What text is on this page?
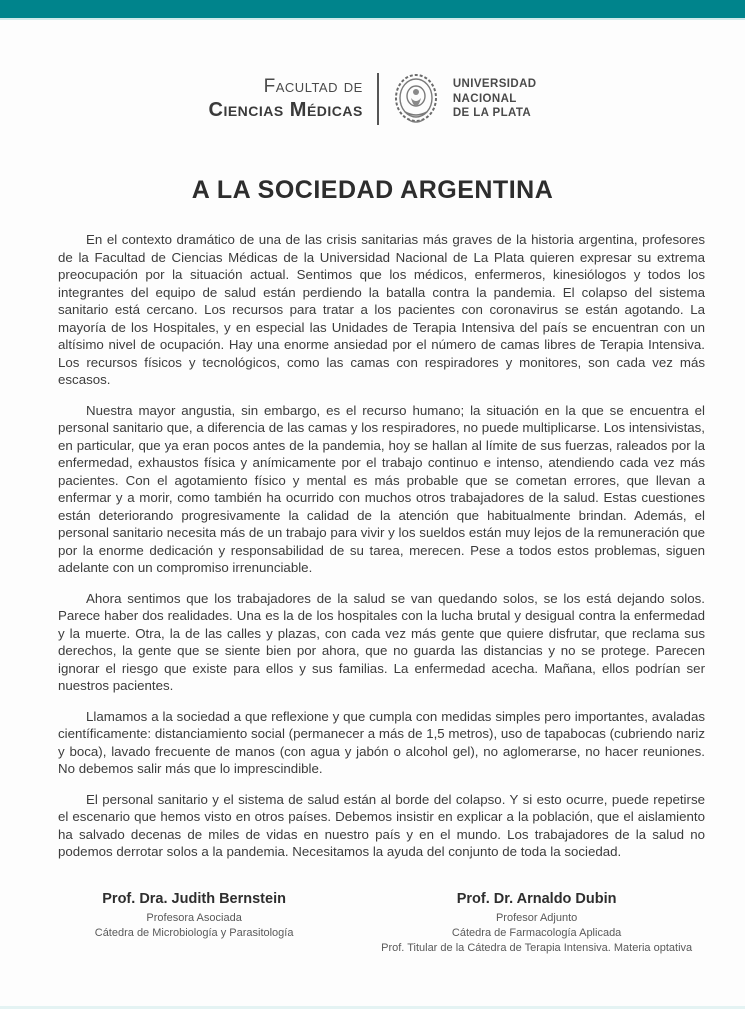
Facultad de
Ciencias Médicas
UNIVERSIDAD
NACIONAL
DE LA PLATA
A LA SOCIEDAD ARGENTINA

En el contexto dramático de una de las crisis sanitarias más graves de la historia argentina, profesores de la Facultad de Ciencias Médicas de la Universidad Nacional de La Plata quieren expresar su extrema preocupación por la situación actual. Sentimos que los médicos, enfermeros, kinesiólogos y todos los integrantes del equipo de salud están perdiendo la batalla contra la pandemia. El colapso del sistema sanitario está cercano. Los recursos para tratar a los pacientes con coronavirus se están agotando. La mayoría de los Hospitales, y en especial las Unidades de Terapia Intensiva del país se encuentran con un altísimo nivel de ocupación. Hay una enorme ansiedad por el número de camas libres de Terapia Intensiva. Los recursos físicos y tecnológicos, como las camas con respiradores y monitores, son cada vez más escasos.

Nuestra mayor angustia, sin embargo, es el recurso humano; la situación en la que se encuentra el personal sanitario que, a diferencia de las camas y los respiradores, no puede multiplicarse. Los intensivistas, en particular, que ya eran pocos antes de la pandemia, hoy se hallan al límite de sus fuerzas, raleados por la enfermedad, exhaustos física y anímicamente por el trabajo continuo e intenso, atendiendo cada vez más pacientes. Con el agotamiento físico y mental es más probable que se cometan errores, que llevan a enfermar y a morir, como también ha ocurrido con muchos otros trabajadores de la salud. Estas cuestiones están deteriorando progresivamente la calidad de la atención que habitualmente brindan. Además, el personal sanitario necesita más de un trabajo para vivir y los sueldos están muy lejos de la remuneración que por la enorme dedicación y responsabilidad de su tarea, merecen. Pese a todos estos problemas, siguen adelante con un compromiso irrenunciable.

Ahora sentimos que los trabajadores de la salud se van quedando solos, se los está dejando solos. Parece haber dos realidades. Una es la de los hospitales con la lucha brutal y desigual contra la enfermedad y la muerte. Otra, la de las calles y plazas, con cada vez más gente que quiere disfrutar, que reclama sus derechos, la gente que se siente bien por ahora, que no guarda las distancias y no se protege. Parecen ignorar el riesgo que existe para ellos y sus familias. La enfermedad acecha. Mañana, ellos podrían ser nuestros pacientes.

Llamamos a la sociedad a que reflexione y que cumpla con medidas simples pero importantes, avaladas científicamente: distanciamiento social (permanecer a más de 1,5 metros), uso de tapabocas (cubriendo nariz y boca), lavado frecuente de manos (con agua y jabón o alcohol gel), no aglomerarse, no hacer reuniones. No debemos salir más que lo imprescindible.

El personal sanitario y el sistema de salud están al borde del colapso. Y si esto ocurre, puede repetirse el escenario que hemos visto en otros países. Debemos insistir en explicar a la población, que el aislamiento ha salvado decenas de miles de vidas en nuestro país y en el mundo. Los trabajadores de la salud no podemos derrotar solos a la pandemia. Necesitamos la ayuda del conjunto de toda la sociedad.

Prof. Dra. Judith Bernstein
Profesora Asociada
Cátedra de Microbiología y Parasitología
Prof. Dr. Arnaldo Dubin
Profesor Adjunto
Cátedra de Farmacología Aplicada
Prof. Titular de la Cátedra de Terapia Intensiva. Materia optativa
